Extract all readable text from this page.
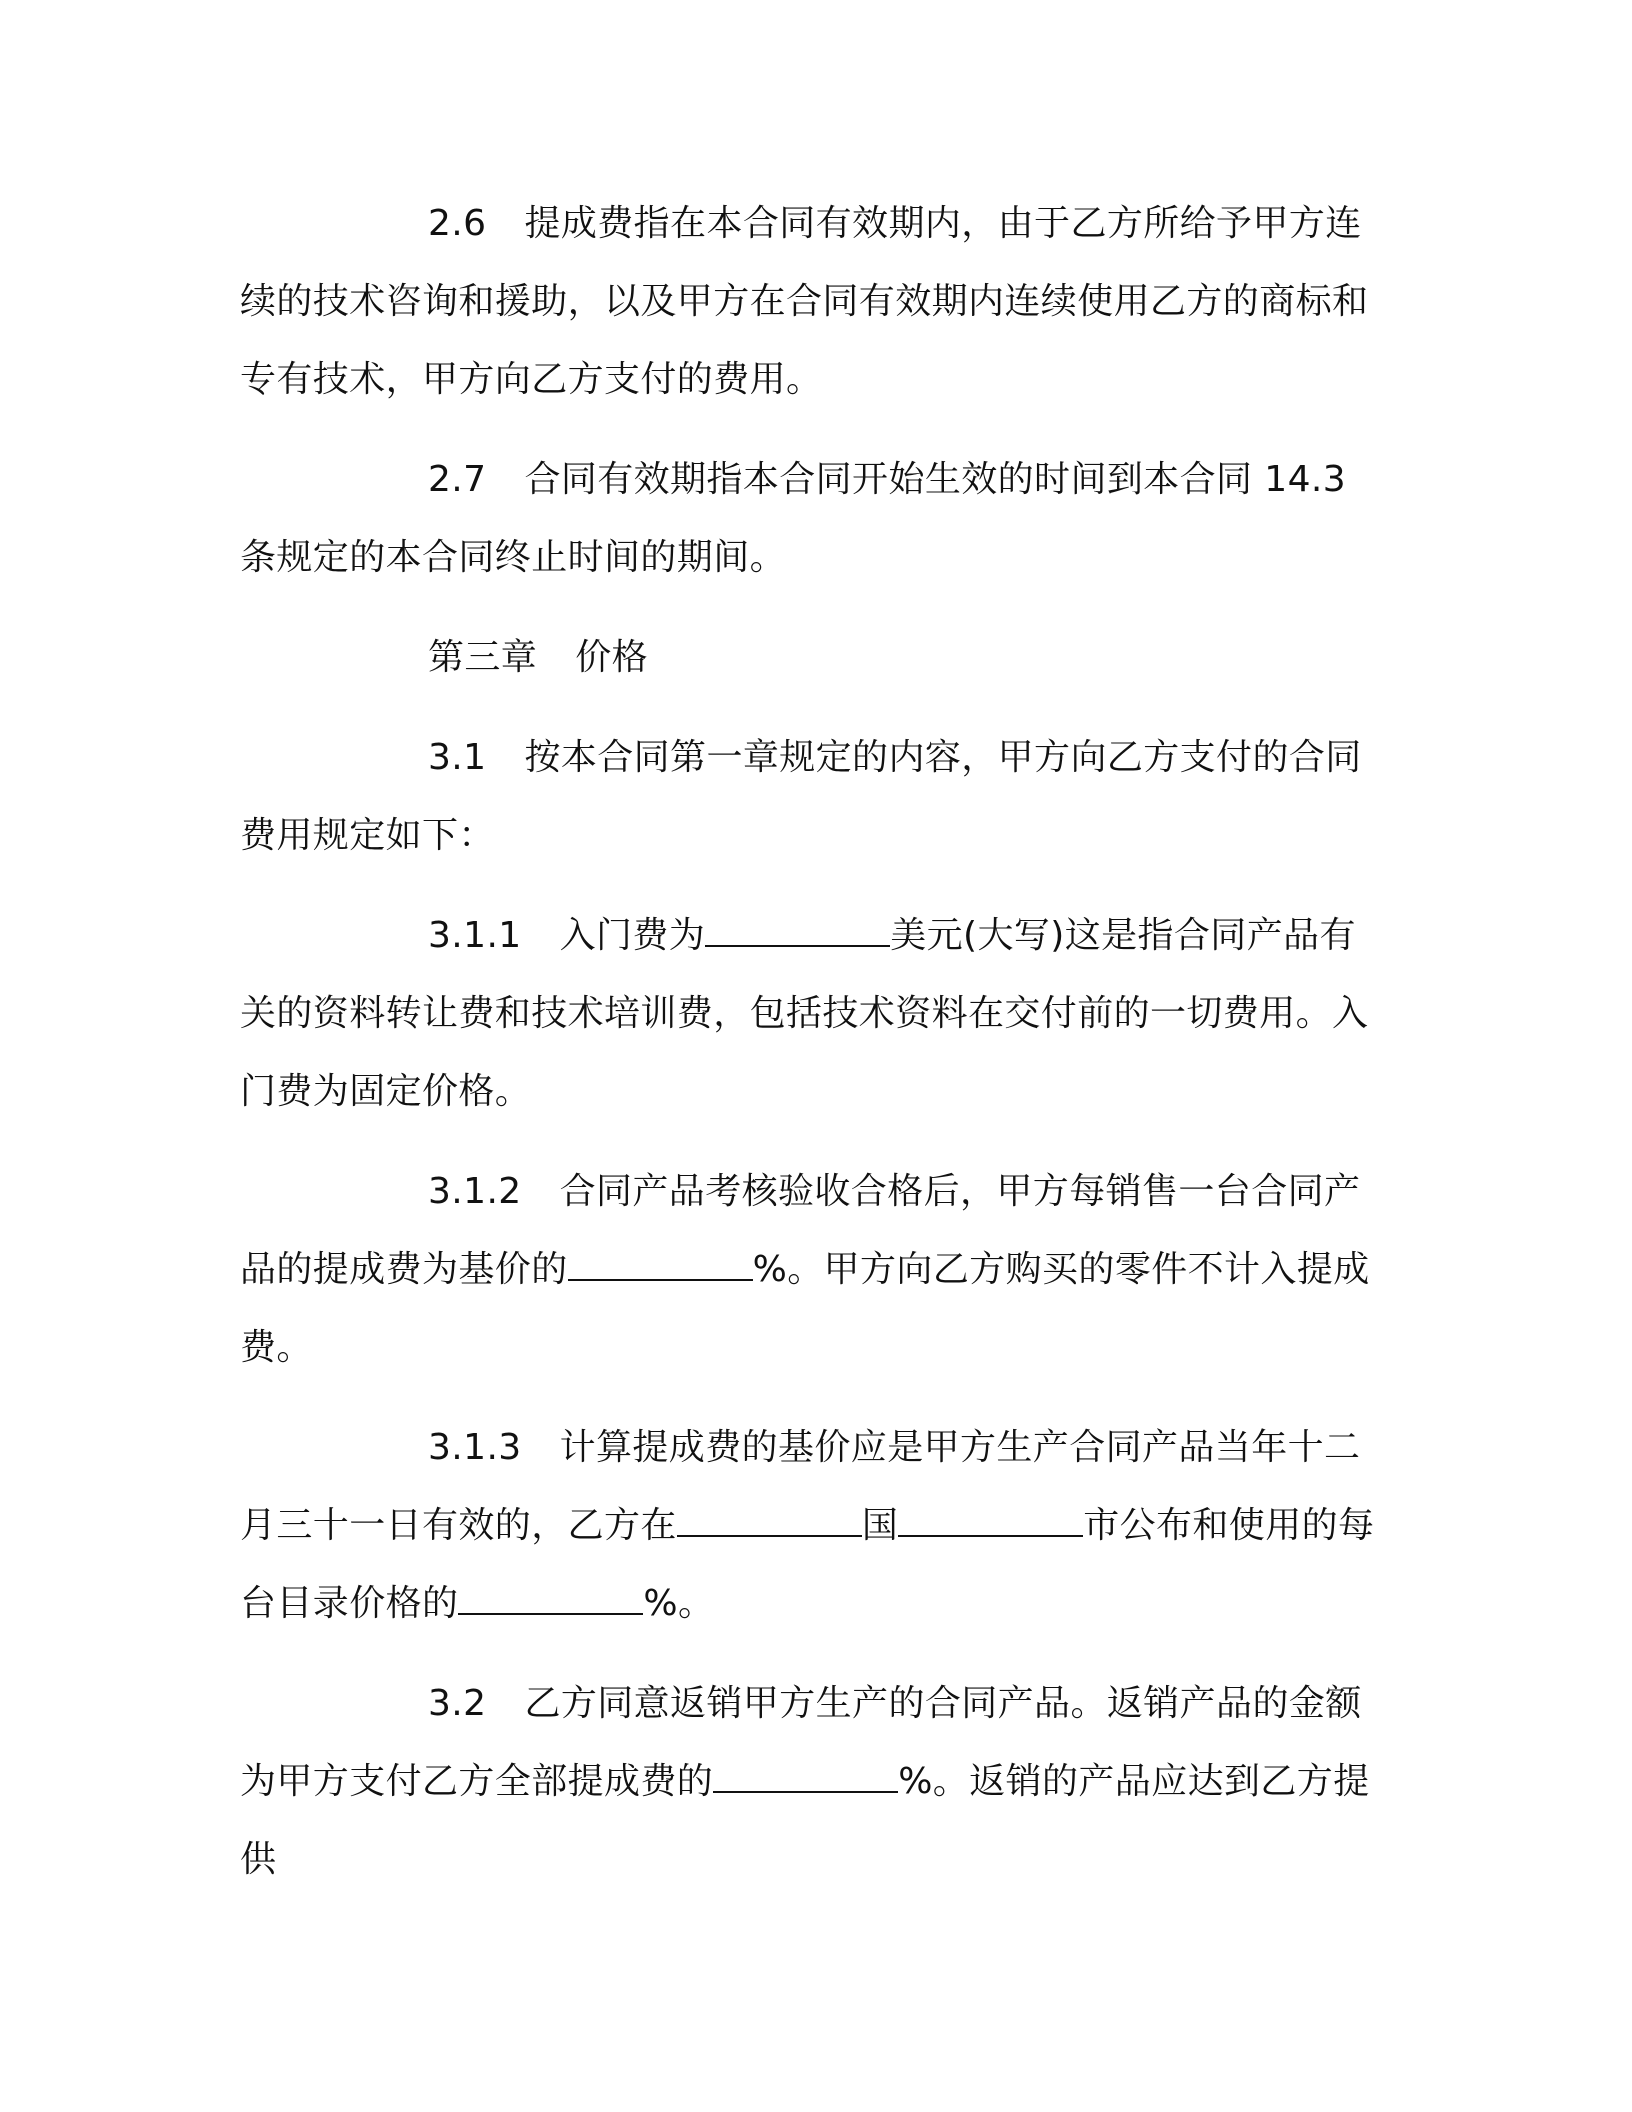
2.6 提成费指在本合同有效期内，由于乙方所给予甲方连续的技术咨询和援助，以及甲方在合同有效期内连续使用乙方的商标和专有技术，甲方向乙方支付的费用。

2.7 合同有效期指本合同开始生效的时间到本合同 14.3 条规定的本合同终止时间的期间。

第三章 价格

3.1 按本合同第一章规定的内容，甲方向乙方支付的合同费用规定如下：

3.1.1 入门费为	美元(大写)这是指合同产品有关的资料转让费和技术培训费，包括技术资料在交付前的一切费用。入门费为固定价格。

3.1.2 合同产品考核验收合格后，甲方每销售一台合同产品的提成费为基价的	%。甲方向乙方购买的零件不计入提成费。

3.1.3 计算提成费的基价应是甲方生产合同产品当年十二月三十一日有效的，乙方在	国	市公布和使用的每台目录价格的	%。

3.2 乙方同意返销甲方生产的合同产品。返销产品的金额为甲方支付乙方全部提成费的	%。返销的产品应达到乙方提供
